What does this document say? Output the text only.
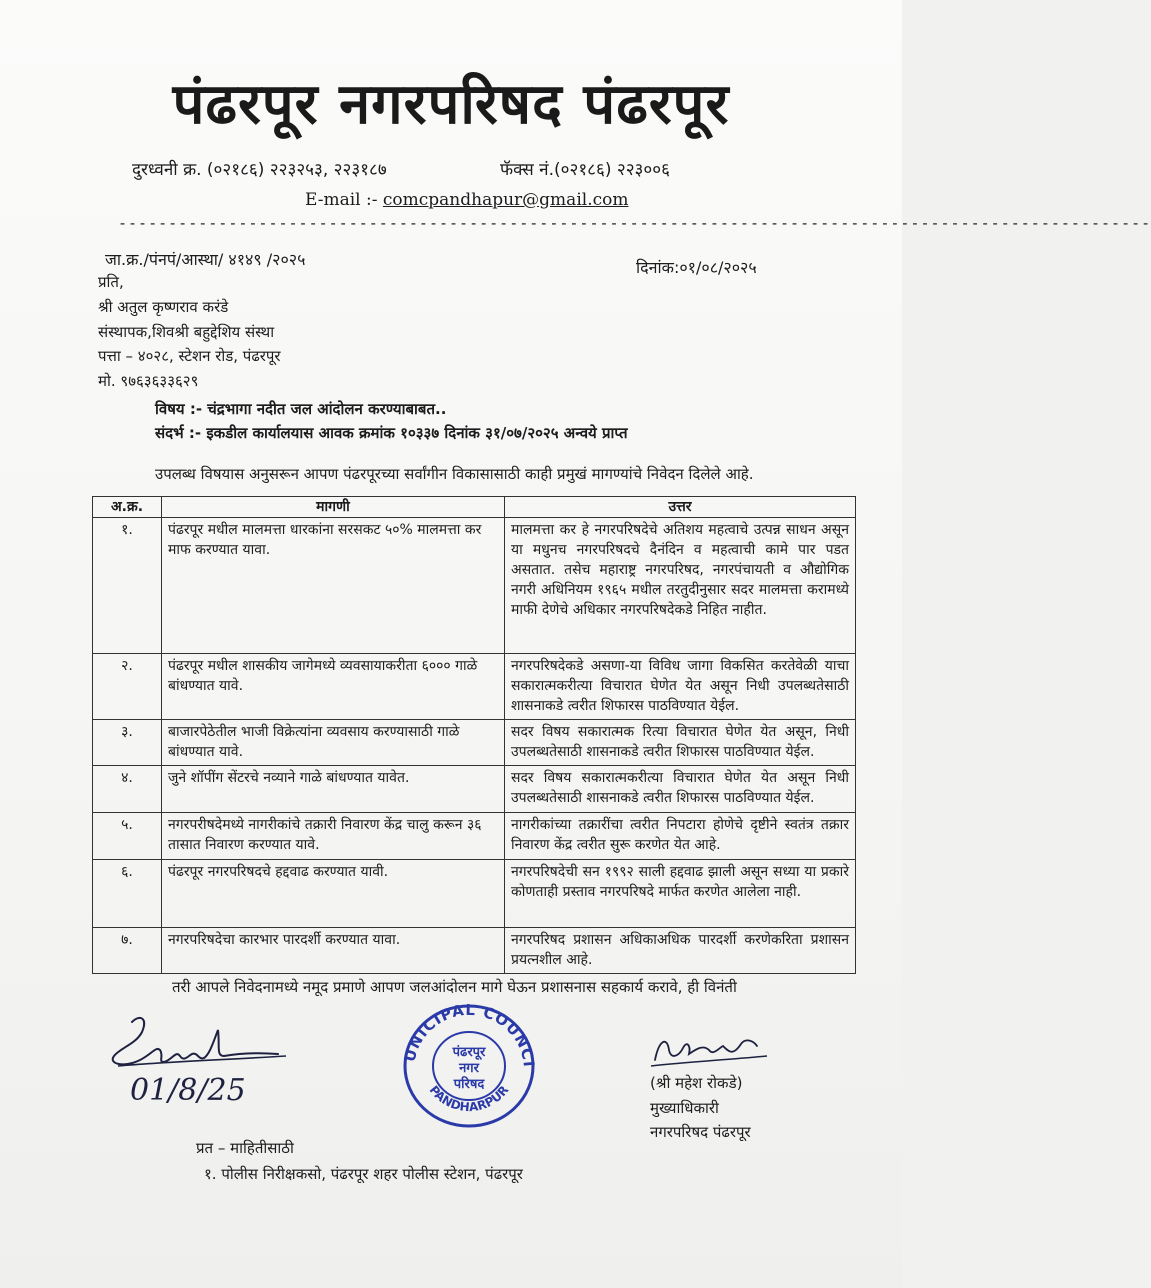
पंढरपूर नगरपरिषद पंढरपूर
दुरध्वनी क्र. (०२१८६) २२३२५३, २२३१८७	फॅक्स नं.(०२१८६) २२३००६
E-mail :- comcpandhapur@gmail.com
-------------------------------------------------------------------------------------------------------
जा.क्र./पंनपं/आस्था/ ४१४९ /२०२५	दिनांक:०१/०८/२०२५
प्रति,
श्री अतुल कृष्णराव करंडे
संस्थापक,शिवश्री बहुद्देशिय संस्था
पत्ता – ४०२८, स्टेशन रोड, पंढरपूर
मो. ९७६३६३३६२९
विषय :- चंद्रभागा नदीत जल आंदोलन करण्याबाबत..
संदर्भ :- इकडील कार्यालयास आवक क्रमांक १०३३७ दिनांक ३१/०७/२०२५ अन्वये प्राप्त
उपलब्ध विषयास अनुसरून आपण पंढरपूरच्या सर्वांगीन विकासासाठी काही प्रमुखं मागण्यांचे निवेदन दिलेले आहे.
अ.क्र.	मागणी	उत्तर
१.	पंढरपूर मधील मालमत्ता धारकांना सरसकट ५०% मालमत्ता कर माफ करण्यात यावा.	मालमत्ता कर हे नगरपरिषदेचे अतिशय महत्वाचे उत्पन्न साधन असून या मधुनच नगरपरिषदचे दैनंदिन व महत्वाची कामे पार पडत असतात. तसेच महाराष्ट्र नगरपरिषद, नगरपंचायती व औद्योगिक नगरी अधिनियम १९६५ मधील तरतुदीनुसार सदर मालमत्ता करामध्ये माफी देणेचे अधिकार नगरपरिषदेकडे निहित नाहीत.
२.	पंढरपूर मधील शासकीय जागेमध्ये व्यवसायाकरीता ६००० गाळे बांधण्यात यावे.	नगरपरिषदेकडे असणा-या विविध जागा विकसित करतेवेळी याचा सकारात्मकरीत्या विचारात घेणेत येत असून निधी उपलब्धतेसाठी शासनाकडे त्वरीत शिफारस पाठविण्यात येईल.
३.	बाजारपेठेतील भाजी विक्रेत्यांना व्यवसाय करण्यासाठी गाळे बांधण्यात यावे.	सदर विषय सकारात्मक रित्या विचारात घेणेत येत असून, निधी उपलब्धतेसाठी शासनाकडे त्वरीत शिफारस पाठविण्यात येईल.
४.	जुने शॉपींग सेंटरचे नव्याने गाळे बांधण्यात यावेत.	सदर विषय सकारात्मकरीत्या विचारात घेणेत येत असून निधी उपलब्धतेसाठी शासनाकडे त्वरीत शिफारस पाठविण्यात येईल.
५.	नगरपरीषदेमध्ये नागरीकांचे तक्रारी निवारण केंद्र चालु करून ३६ तासात निवारण करण्यात यावे.	नागरीकांच्या तक्रारींचा त्वरीत निपटारा होणेचे दृष्टीने स्वतंत्र तक्रार निवारण केंद्र त्वरीत सुरू करणेत येत आहे.
६.	पंढरपूर नगरपरिषदचे हद्दवाढ करण्यात यावी.	नगरपरिषदेची सन १९९२ साली हद्दवाढ झाली असून सध्या या प्रकारे कोणताही प्रस्ताव नगरपरिषदे मार्फत करणेत आलेला नाही.
७.	नगरपरिषदेचा कारभार पारदर्शी करण्यात यावा.	नगरपरिषद प्रशासन अधिकाअधिक पारदर्शी करणेकरिता प्रशासन प्रयत्नशील आहे.
तरी आपले निवेदनामध्ये नमूद प्रमाणे आपण जलआंदोलन मागे घेऊन प्रशासनास सहकार्य करावे, ही विनंती
01/8/25
UNICIPAL COUNCI
PANDHARPUR
पंढरपूर
नगर
परिषद	(श्री महेश रोकडे)
मुख्याधिकारी
नगरपरिषद पंढरपूर
प्रत – माहितीसाठी
१. पोलीस निरीक्षकसो, पंढरपूर शहर पोलीस स्टेशन, पंढरपूर
